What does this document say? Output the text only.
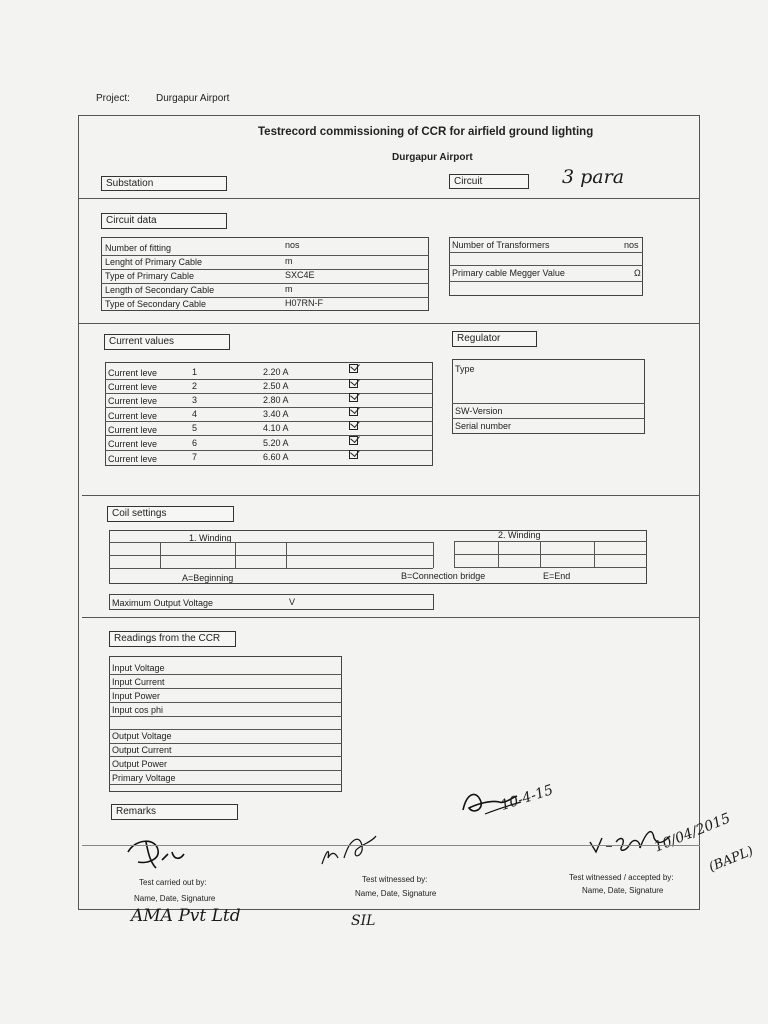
Project:	Durgapur Airport
Testrecord commissioning of CCR for airfield ground lighting
Durgapur Airport
Substation	Circuit	3 para
Circuit data
Number of fitting	nos
Lenght of Primary Cable	m
Type of Primary Cable	SXC4E
Length of Secondary Cable	m
Type of Secondary Cable	H07RN-F
Number of Transformers	nos
Primary cable Megger Value	Ω
Current values	Regulator
Current leve	1	2.20 A
Current leve	2	2.50 A
Current leve	3	2.80 A
Current leve	4	3.40 A
Current leve	5	4.10 A
Current leve	6	5.20 A
Current leve	7	6.60 A
Type
SW-Version
Serial number
Coil settings
1. Winding	2. Winding
A=Beginning	B=Connection bridge	E=End
Maximum Output Voltage	V
Readings from the CCR
Input Voltage
Input Current
Input Power
Input cos phi
Output Voltage
Output Current
Output Power
Primary Voltage
Remarks	10-4-15
10/04/2015
(BAPL)
Test carried out by:
Name, Date, Signature
Test witnessed by:
Name, Date, Signature
Test witnessed / accepted by:
Name, Date, Signature
AMA Pvt Ltd	SIL
